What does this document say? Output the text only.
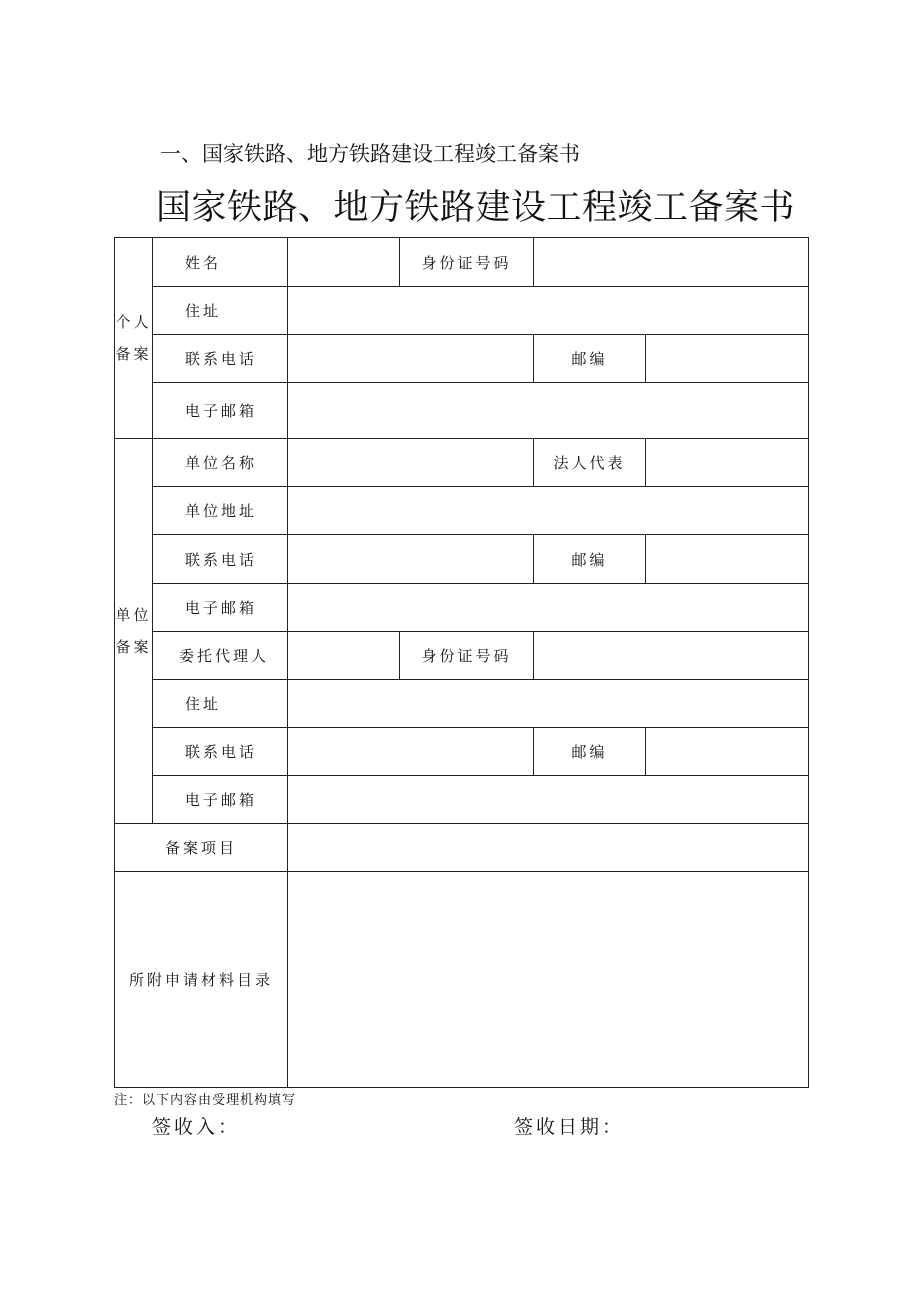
一、国家铁路、地方铁路建设工程竣工备案书
国家铁路、地方铁路建设工程竣工备案书
个人
备案	姓名		身份证号码		
	住址				
	联系电话			邮编	
	电子邮箱				

单位
备案	单位名称			法人代表	
	单位地址				
	联系电话			邮编	
	电子邮箱				
	委托代理人		身份证号码		
	住址				
	联系电话			邮编	
	电子邮箱				
备案项目					
所附申请材料目录					
注：以下内容由受理机构填写
签收入：	签收日期：
